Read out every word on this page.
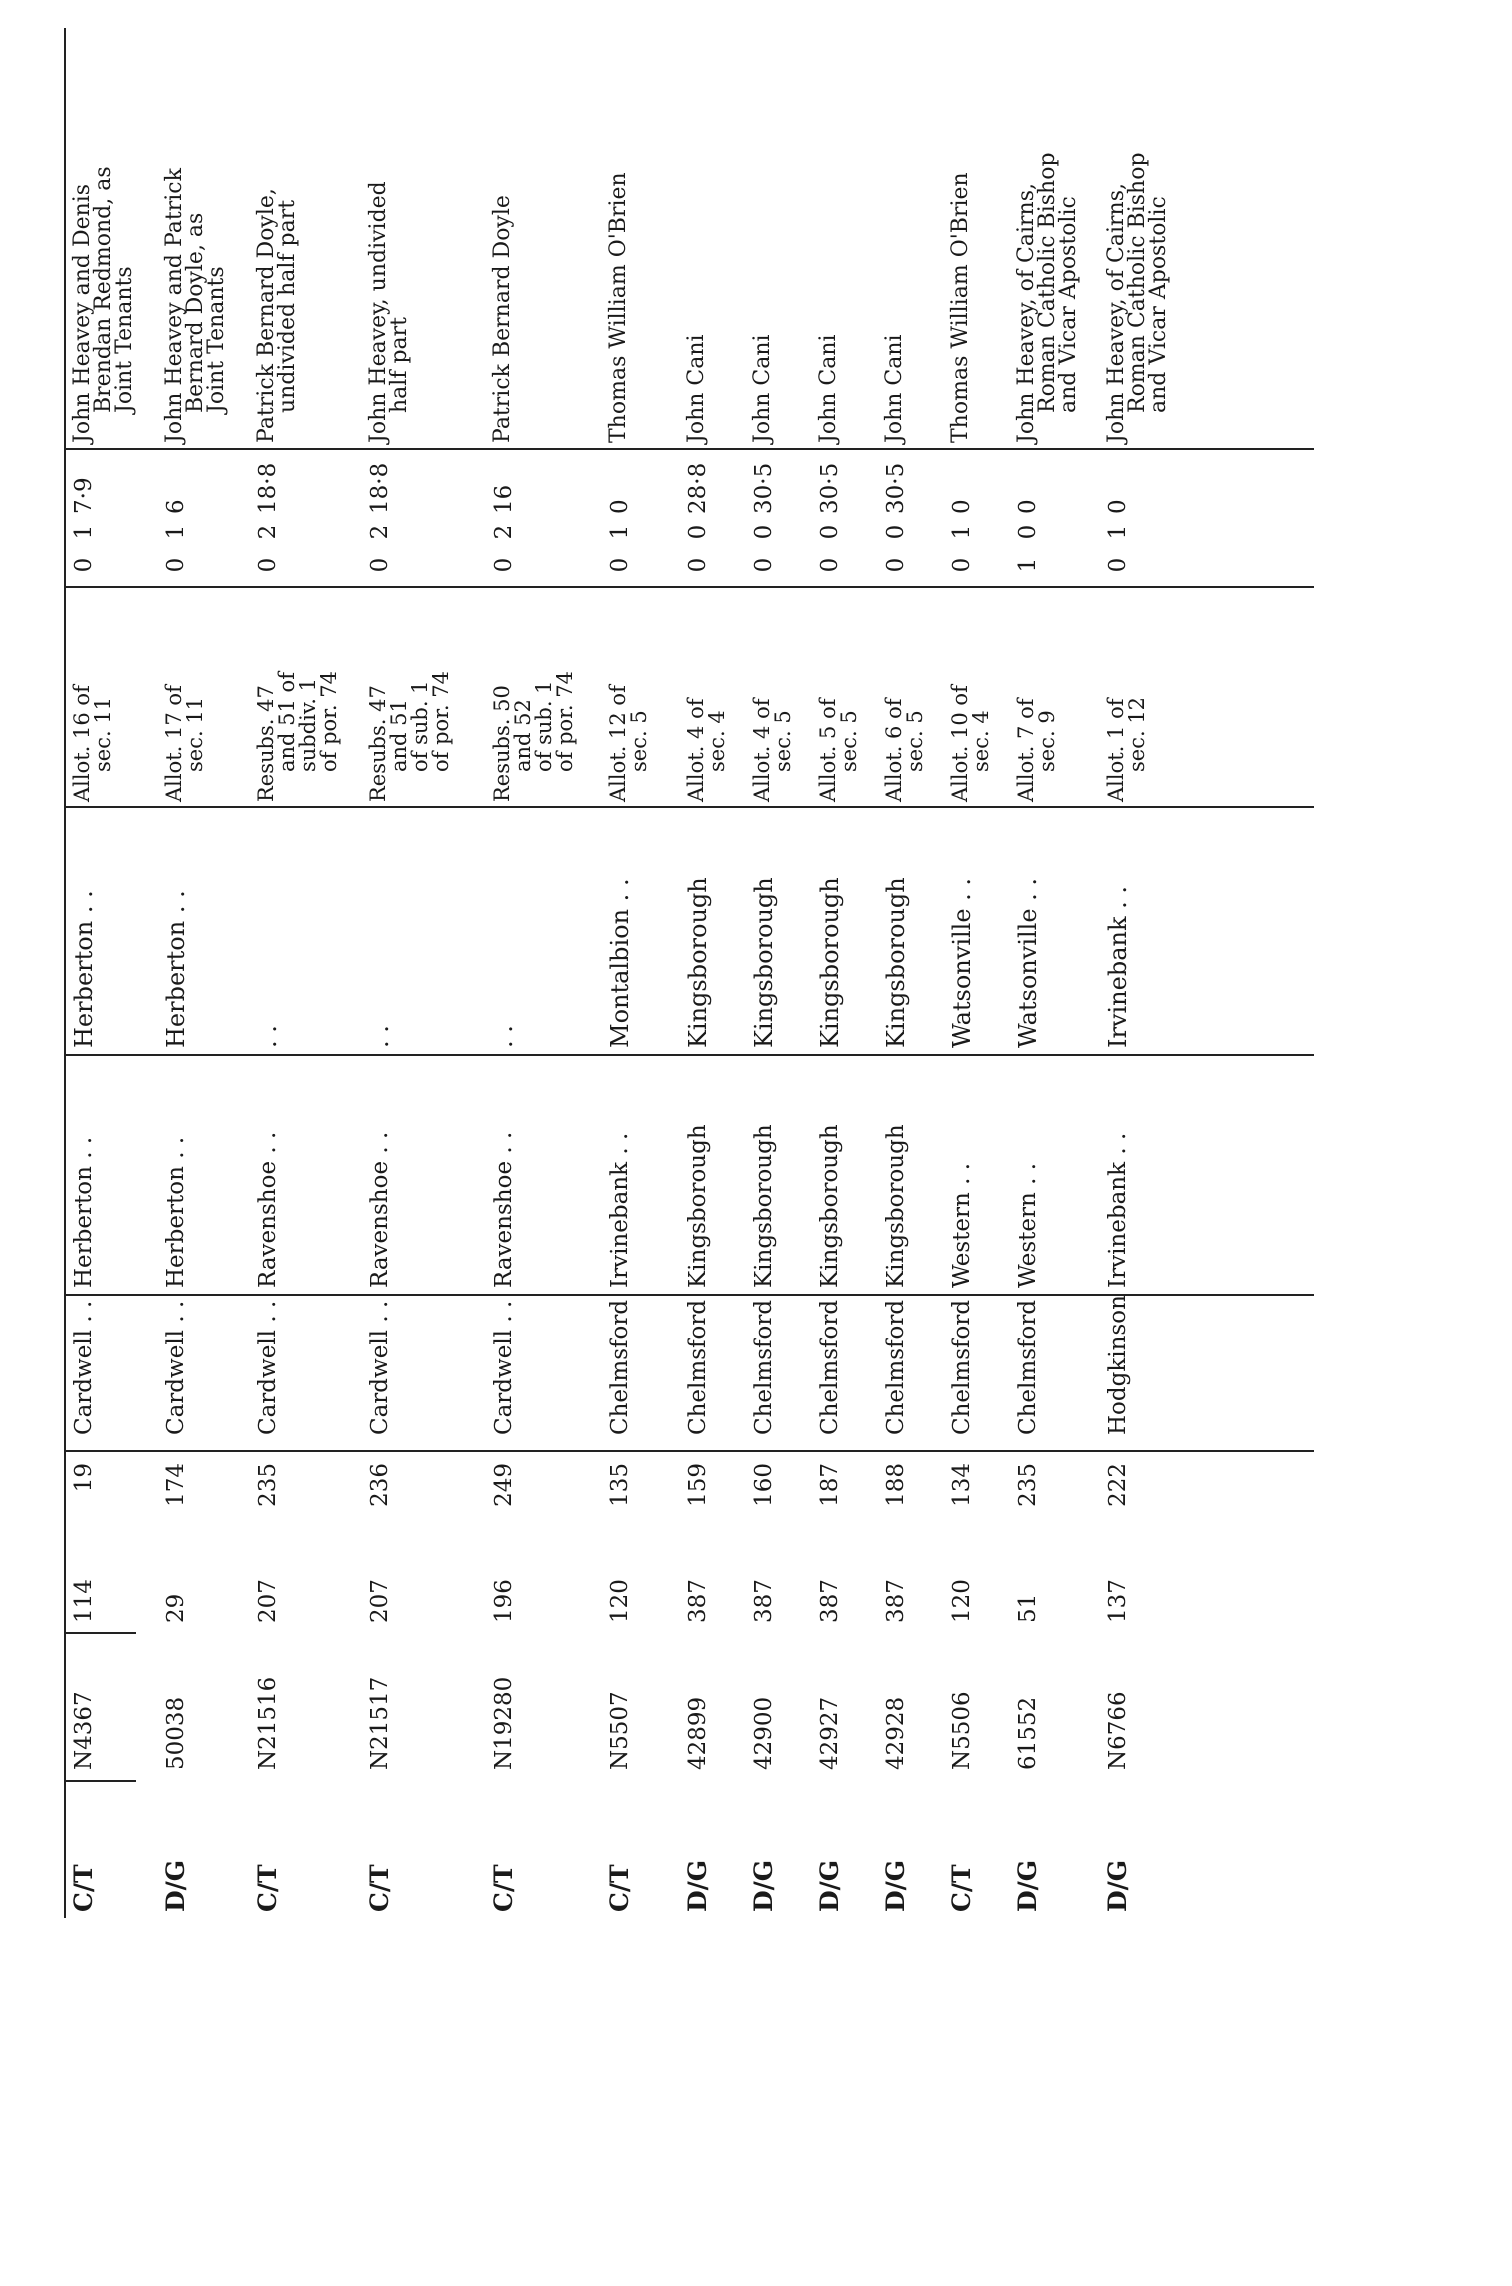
C/T
N4367
114
19
Cardwell . .
Herberton . .
Herberton . .
Allot. 16 of
sec. 11
0
1
7·9
John Heavey and Denis
Brendan Redmond, as
Joint Tenants
D/G
50038
29
174
Cardwell . .
Herberton . .
Herberton . .
Allot. 17 of
sec. 11
0
1
6
John Heavey and Patrick
Bernard Doyle, as
Joint Tenants
C/T
N21516
207
235
Cardwell . .
Ravenshoe . .
. .
Resubs. 47
and 51 of
subdiv. 1
of por. 74
0
2
18·8
Patrick Bernard Doyle,
undivided half part
C/T
N21517
207
236
Cardwell . .
Ravenshoe . .
. .
Resubs. 47
and 51
of sub. 1
of por. 74
0
2
18·8
John Heavey, undivided
half part
C/T
N19280
196
249
Cardwell . .
Ravenshoe . .
. .
Resubs. 50
and 52
of sub. 1
of por. 74
0
2
16
Patrick Bernard Doyle
C/T
N5507
120
135
Chelmsford
Irvinebank . .
Montalbion . .
Allot. 12 of
sec. 5
0
1
0
Thomas William O'Brien
D/G
42899
387
159
Chelmsford
Kingsborough
Kingsborough
Allot. 4 of
sec. 4
0
0
28·8
John Cani
D/G
42900
387
160
Chelmsford
Kingsborough
Kingsborough
Allot. 4 of
sec. 5
0
0
30·5
John Cani
D/G
42927
387
187
Chelmsford
Kingsborough
Kingsborough
Allot. 5 of
sec. 5
0
0
30·5
John Cani
D/G
42928
387
188
Chelmsford
Kingsborough
Kingsborough
Allot. 6 of
sec. 5
0
0
30·5
John Cani
C/T
N5506
120
134
Chelmsford
Western . .
Watsonville . .
Allot. 10 of
sec. 4
0
1
0
Thomas William O'Brien
D/G
61552
51
235
Chelmsford
Western . .
Watsonville . .
Allot. 7 of
sec. 9
1
0
0
John Heavey, of Cairns,
Roman Catholic Bishop
and Vicar Apostolic
D/G
N6766
137
222
Hodgkinson
Irvinebank . .
Irvinebank . .
Allot. 1 of
sec. 12
0
1
0
John Heavey, of Cairns,
Roman Catholic Bishop
and Vicar Apostolic
